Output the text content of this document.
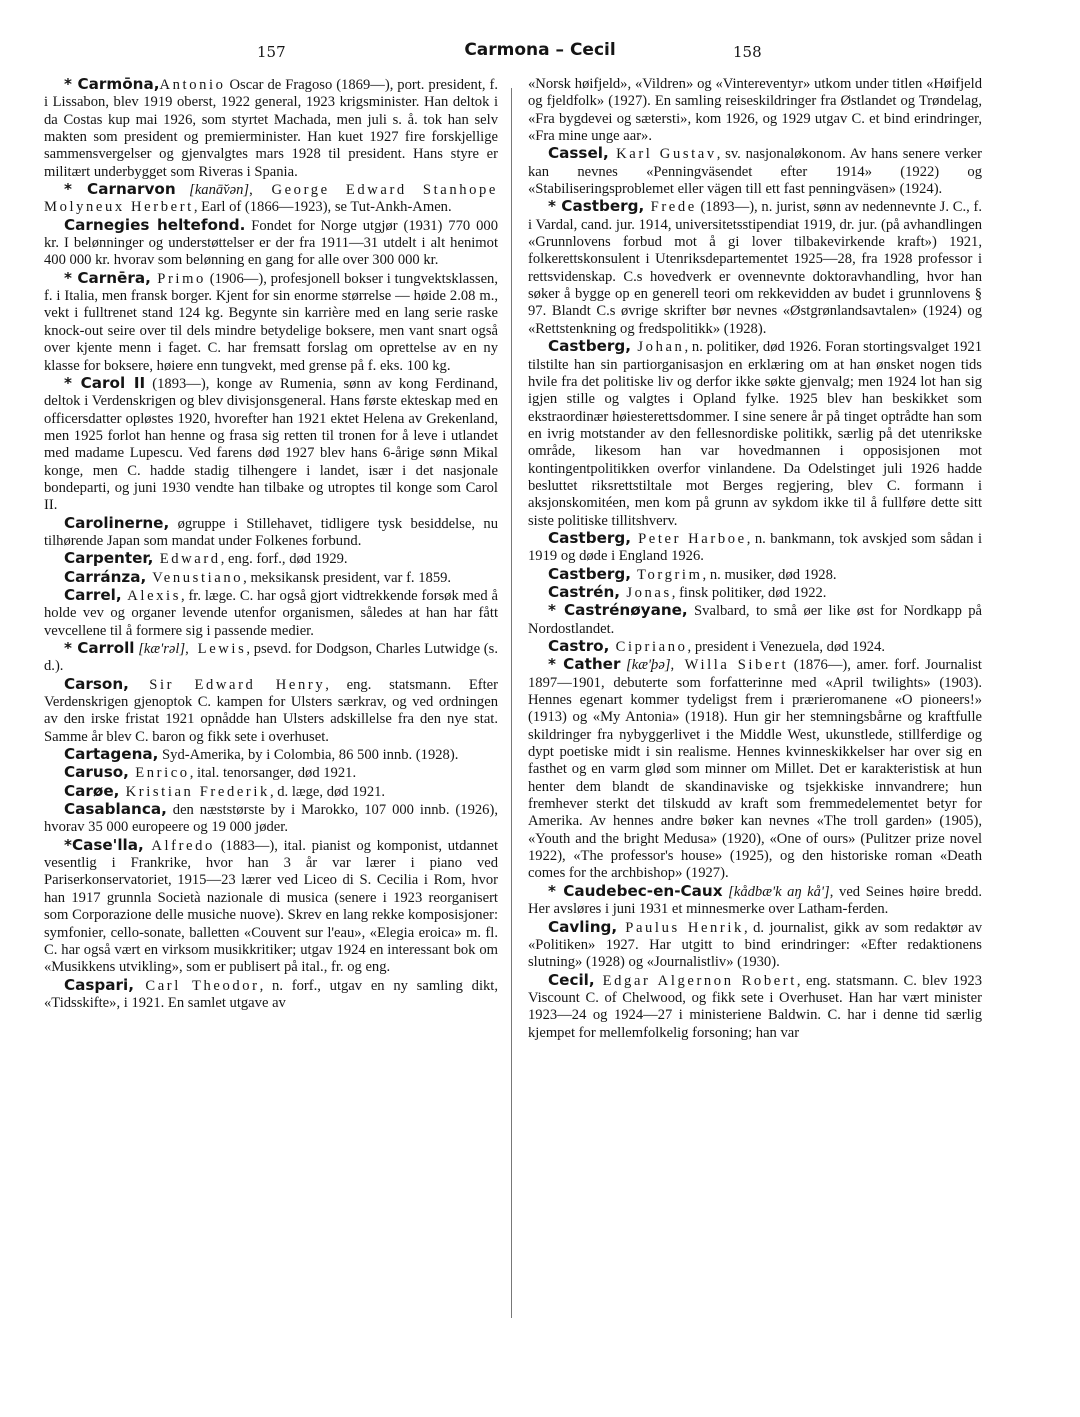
157	Carmona – Cecil	158

* Carmōna,Antonio Oscar de Fragoso (1869—), port. president, f. i Lissabon, blev 1919 oberst, 1922 general, 1923 krigsminister. Han deltok i da Costas kup mai 1926, som styrtet Machada, men juli s. å. tok han selv makten som president og premierminister. Han kuet 1927 fire forskjellige sammensvergelser og gjenvalgtes mars 1928 til president. Hans styre er militært underbygget som Riveras i Spania.

* Carnarvon [kanā̆vən], George Edward Stanhope Molyneux Herbert, Earl of (1866—1923), se Tut-Ankh-Amen.

Carnegies heltefond. Fondet for Norge utgjør (1931) 770 000 kr. I belønninger og understøttelser er der fra 1911—31 utdelt i alt henimot 400 000 kr. hvorav som belønning en gang for alle over 300 000 kr.

* Carnēra, Primo (1906—), profesjonell bokser i tungvektsklassen, f. i Italia, men fransk borger. Kjent for sin enorme størrelse — høide 2.08 m., vekt i fulltrenet stand 124 kg. Begynte sin karrière med en lang serie raske knock-out seire over til dels mindre betydelige boksere, men vant snart også over kjente menn i faget. C. har fremsatt forslag om oprettelse av en ny klasse for boksere, høiere enn tungvekt, med grense på f. eks. 100 kg.

* Carol II (1893—), konge av Rumenia, sønn av kong Ferdinand, deltok i Verdenskrigen og blev divisjonsgeneral. Hans første ekteskap med en officersdatter opløstes 1920, hvorefter han 1921 ektet Helena av Grekenland, men 1925 forlot han henne og frasa sig retten til tronen for å leve i utlandet med madame Lupescu. Ved farens død 1927 blev hans 6-årige sønn Mikal konge, men C. hadde stadig tilhengere i landet, især i det nasjonale bondeparti, og juni 1930 vendte han tilbake og utroptes til konge som Carol II.

Carolinerne, øgruppe i Stillehavet, tidligere tysk besiddelse, nu tilhørende Japan som mandat under Folkenes forbund.

Carpenter, Edward, eng. forf., død 1929.

Carránza, Venustiano, meksikansk president, var f. 1859.

Carrel, Alexis, fr. læge. C. har også gjort vidtrekkende forsøk med å holde vev og organer levende utenfor organismen, således at han har fått vevcellene til å formere sig i passende medier.

* Carroll [kæ'rəl], Lewis, psevd. for Dodgson, Charles Lutwidge (s. d.).

Carson, Sir Edward Henry, eng. statsmann. Efter Verdenskrigen gjenoptok C. kampen for Ulsters særkrav, og ved ordningen av den irske fristat 1921 opnådde han Ulsters adskillelse fra den nye stat. Samme år blev C. baron og fikk sete i overhuset.

Cartagena, Syd-Amerika, by i Colombia, 86 500 innb. (1928).

Caruso, Enrico, ital. tenorsanger, død 1921.

Carøe, Kristian Frederik, d. læge, død 1921.

Casablanca, den næststørste by i Marokko, 107 000 innb. (1926), hvorav 35 000 europeere og 19 000 jøder.

*Case'lla, Alfredo (1883—), ital. pianist og komponist, utdannet vesentlig i Frankrike, hvor han 3 år var lærer i piano ved Pariserkonservatoriet, 1915—23 lærer ved Liceo di S. Cecilia i Rom, hvor han 1917 grunnla Società nazionale di musica (senere i 1923 reorganisert som Corporazione delle musiche nuove). Skrev en lang rekke komposisjoner: symfonier, cello-sonate, balletten «Couvent sur l'eau», «Elegia eroica» m. fl. C. har også vært en virksom musikkritiker; utgav 1924 en interessant bok om «Musikkens utvikling», som er publisert på ital., fr. og eng.

Caspari, Carl Theodor, n. forf., utgav en ny samling dikt, «Tidsskifte», i 1921. En samlet utgave av

«Norsk høifjeld», «Vildren» og «Vintereventyr» utkom under titlen «Høifjeld og fjeldfolk» (1927). En samling reiseskildringer fra Østlandet og Trøndelag, «Fra bygdevei og sætersti», kom 1926, og 1929 utgav C. et bind erindringer, «Fra mine unge aar».

Cassel, Karl Gustav, sv. nasjonaløkonom. Av hans senere verker kan nevnes «Penningväsendet efter 1914» (1922) og «Stabiliseringsproblemet eller vägen till ett fast penningväsen» (1924).

* Castberg, Frede (1893—), n. jurist, sønn av nedennevnte J. C., f. i Vardal, cand. jur. 1914, universitetsstipendiat 1919, dr. jur. (på avhandlingen «Grunnlovens forbud mot å gi lover tilbakevirkende kraft») 1921, folkerettskonsulent i Utenriksdepartementet 1925—28, fra 1928 professor i rettsvidenskap. C.s hovedverk er ovennevnte doktoravhandling, hvor han søker å bygge op en generell teori om rekkevidden av budet i grunnlovens § 97. Blandt C.s øvrige skrifter bør nevnes «Østgrønlandsavtalen» (1924) og «Rettstenkning og fredspolitikk» (1928).

Castberg, Johan, n. politiker, død 1926. Foran stortingsvalget 1921 tilstilte han sin partiorganisasjon en erklæring om at han ønsket nogen tids hvile fra det politiske liv og derfor ikke søkte gjenvalg; men 1924 lot han sig igjen stille og valgtes i Opland fylke. 1925 blev han beskikket som ekstraordinær høiesterettsdommer. I sine senere år på tinget optrådte han som en ivrig motstander av den fellesnordiske politikk, særlig på det utenrikske område, likesom han var hovedmannen i opposisjonen mot kontingentpolitikken overfor vinlandene. Da Odelstinget juli 1926 hadde besluttet riksrettstiltale mot Berges regjering, blev C. formann i aksjonskomitéen, men kom på grunn av sykdom ikke til å fullføre dette sitt siste politiske tillitshverv.

Castberg, Peter Harboe, n. bankmann, tok avskjed som sådan i 1919 og døde i England 1926.

Castberg, Torgrim, n. musiker, død 1928.

Castrén, Jonas, finsk politiker, død 1922.

* Castrénøyane, Svalbard, to små øer like øst for Nordkapp på Nordostlandet.

Castro, Cipriano, president i Venezuela, død 1924.

* Cather [kæ'þə], Willa Sibert (1876—), amer. forf. Journalist 1897—1901, debuterte som forfatterinne med «April twilights» (1903). Hennes egenart kommer tydeligst frem i prærieromanene «O pioneers!» (1913) og «My Antonia» (1918). Hun gir her stemningsbårne og kraftfulle skildringer fra nybyggerlivet i the Middle West, ukunstlede, stillferdige og dypt poetiske midt i sin realisme. Hennes kvinneskikkelser har over sig en fasthet og en varm glød som minner om Millet. Det er karakteristisk at hun henter dem blandt de skandinaviske og tsjekkiske innvandrere; hun fremhever sterkt det tilskudd av kraft som fremmedelementet betyr for Amerika. Av hennes andre bøker kan nevnes «The troll garden» (1905), «Youth and the bright Medusa» (1920), «One of ours» (Pulitzer prize novel 1922), «The professor's house» (1925), og den historiske roman «Death comes for the archbishop» (1927).

* Caudebec-en-Caux [kådbæ'k aŋ kå'], ved Seines høire bredd. Her avsløres i juni 1931 et minnesmerke over Latham-ferden.

Cavling, Paulus Henrik, d. journalist, gikk av som redaktør av «Politiken» 1927. Har utgitt to bind erindringer: «Efter redaktionens slutning» (1928) og «Journalistliv» (1930).

Cecil, Edgar Algernon Robert, eng. statsmann. C. blev 1923 Viscount C. of Chelwood, og fikk sete i Overhuset. Han har vært minister 1923—24 og 1924—27 i ministeriene Baldwin. C. har i denne tid særlig kjempet for mellemfolkelig forsoning; han var
